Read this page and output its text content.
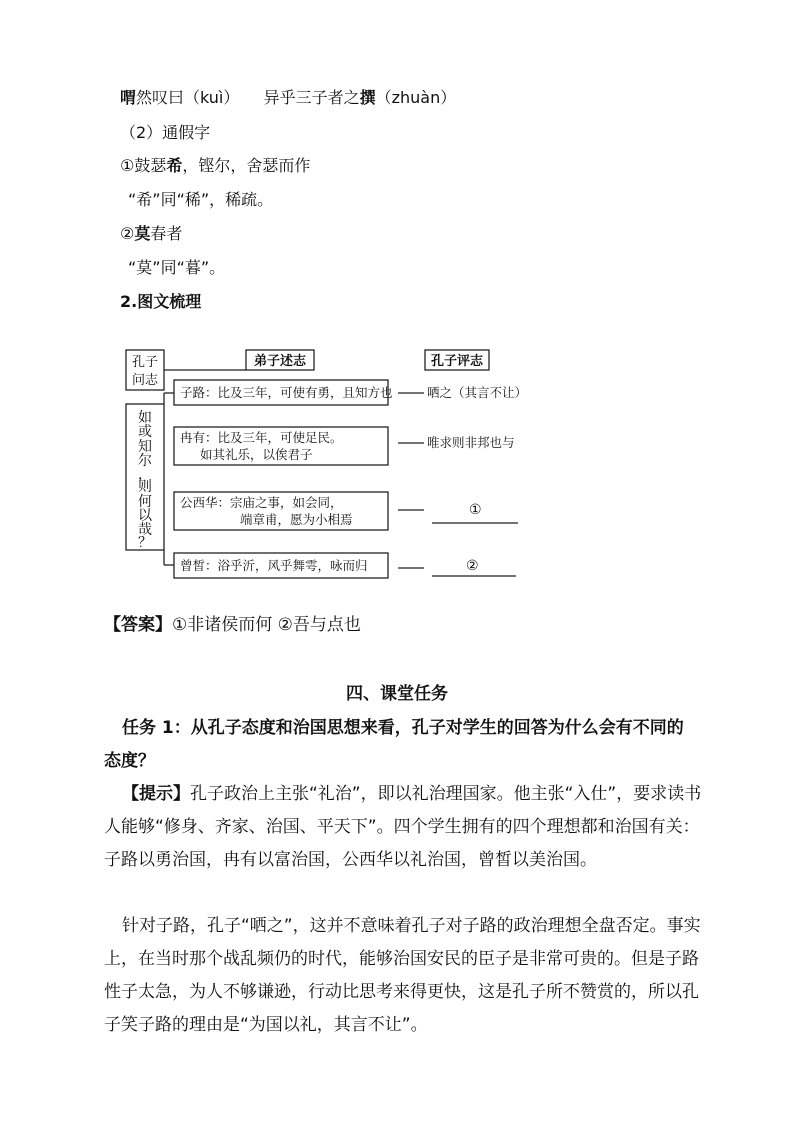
喟然叹曰（kuì） 异乎三子者之撰（zhuàn）
（2）通假字
①鼓瑟希，铿尔，舍瑟而作
“希”同“稀”，稀疏。
②莫春者
“莫”同“暮”。
2.图文梳理
孔子
问志
如
或
知
尔
，
则
何
以
哉
？
弟子述志	孔子评志
子路：比及三年，可使有勇，且知方也
冉有：比及三年，可使足民。
如其礼乐，以俟君子
公西华：宗庙之事，如会同，
端章甫，愿为小相焉
曾皙：浴乎沂，风乎舞雩，咏而归
哂之（其言不让）
唯求则非邦也与
①
②
【答案】①非诸侯而何 ②吾与点也
四、课堂任务

任务 1：从孔子态度和治国思想来看，孔子对学生的回答为什么会有不同的态度？

【提示】孔子政治上主张“礼治”，即以礼治理国家。他主张“入仕”，要求读书人能够“修身、齐家、治国、平天下”。四个学生拥有的四个理想都和治国有关：子路以勇治国，冉有以富治国，公西华以礼治国，曾皙以美治国。

针对子路，孔子“哂之”，这并不意味着孔子对子路的政治理想全盘否定。事实上，在当时那个战乱频仍的时代，能够治国安民的臣子是非常可贵的。但是子路性子太急，为人不够谦逊，行动比思考来得更快，这是孔子所不赞赏的，所以孔子笑子路的理由是“为国以礼，其言不让”。
